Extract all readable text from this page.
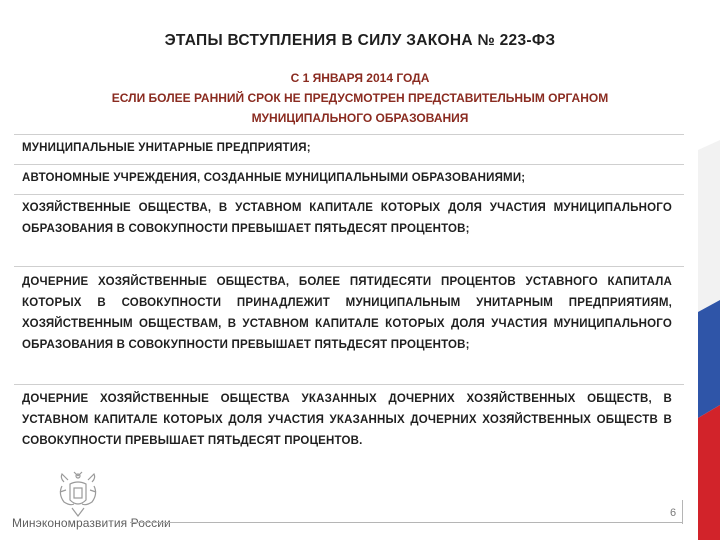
ЭТАПЫ ВСТУПЛЕНИЯ В СИЛУ ЗАКОНА № 223-ФЗ
С 1 ЯНВАРЯ 2014 ГОДА
ЕСЛИ БОЛЕЕ РАННИЙ СРОК НЕ ПРЕДУСМОТРЕН ПРЕДСТАВИТЕЛЬНЫМ ОРГАНОМ
МУНИЦИПАЛЬНОГО ОБРАЗОВАНИЯ
МУНИЦИПАЛЬНЫЕ УНИТАРНЫЕ ПРЕДПРИЯТИЯ;
АВТОНОМНЫЕ УЧРЕЖДЕНИЯ, СОЗДАННЫЕ МУНИЦИПАЛЬНЫМИ ОБРАЗОВАНИЯМИ;
ХОЗЯЙСТВЕННЫЕ ОБЩЕСТВА, В УСТАВНОМ КАПИТАЛЕ КОТОРЫХ ДОЛЯ УЧАСТИЯ МУНИЦИПАЛЬНОГО ОБРАЗОВАНИЯ В СОВОКУПНОСТИ ПРЕВЫШАЕТ ПЯТЬДЕСЯТ ПРОЦЕНТОВ;
ДОЧЕРНИЕ ХОЗЯЙСТВЕННЫЕ ОБЩЕСТВА, БОЛЕЕ ПЯТИДЕСЯТИ ПРОЦЕНТОВ УСТАВНОГО КАПИТАЛА КОТОРЫХ В СОВОКУПНОСТИ ПРИНАДЛЕЖИТ МУНИЦИПАЛЬНЫМ УНИТАРНЫМ ПРЕДПРИЯТИЯМ, ХОЗЯЙСТВЕННЫМ ОБЩЕСТВАМ, В УСТАВНОМ КАПИТАЛЕ КОТОРЫХ ДОЛЯ УЧАСТИЯ МУНИЦИПАЛЬНОГО ОБРАЗОВАНИЯ В СОВОКУПНОСТИ ПРЕВЫШАЕТ ПЯТЬДЕСЯТ ПРОЦЕНТОВ;
ДОЧЕРНИЕ ХОЗЯЙСТВЕННЫЕ ОБЩЕСТВА УКАЗАННЫХ ДОЧЕРНИХ ХОЗЯЙСТВЕННЫХ ОБЩЕСТВ, В УСТАВНОМ КАПИТАЛЕ КОТОРЫХ ДОЛЯ УЧАСТИЯ УКАЗАННЫХ ДОЧЕРНИХ ХОЗЯЙСТВЕННЫХ ОБЩЕСТВ В СОВОКУПНОСТИ ПРЕВЫШАЕТ ПЯТЬДЕСЯТ ПРОЦЕНТОВ.
Минэкономразвития России
6
